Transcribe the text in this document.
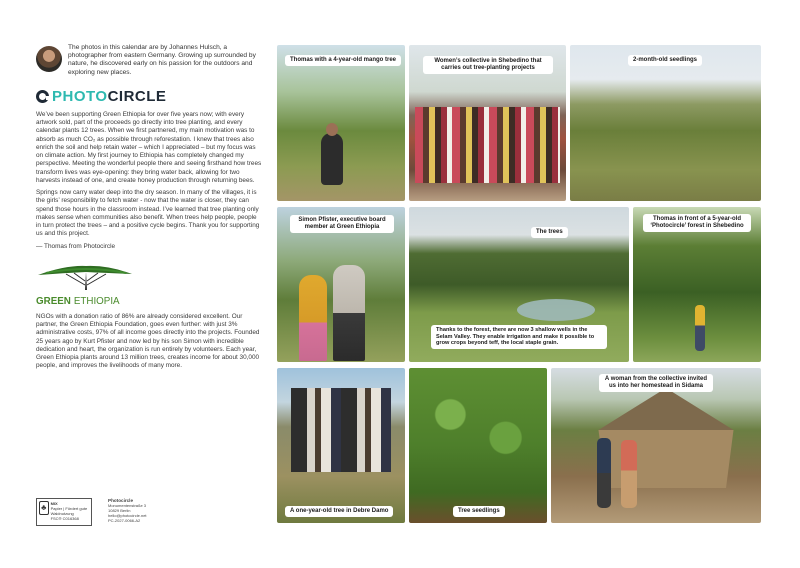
The photos in this calendar are by Johannes Hulsch, a photographer from eastern Germany. Growing up surrounded by nature, he discovered early on his passion for the outdoors and exploring new places.

PHOTO CIRCLE

We’ve been supporting Green Ethiopia for over five years now; with every artwork sold, part of the proceeds go directly into tree planting, and every calendar plants 12 trees. When we first partnered, my main motivation was to absorb as much CO₂ as possible through reforestation. I knew that trees also enrich the soil and help retain water – which I appreciated – but my focus was on climate action. My first journey to Ethiopia has completely changed my perspective. Meeting the wonderful people there and seeing firsthand how trees transform lives was eye-opening: they bring water back, allowing for two harvests instead of one, and create honey production through returning bees.

Springs now carry water deep into the dry season. In many of the villages, it is the girls’ responsibility to fetch water - now that the water is closer, they can spend those hours in the classroom instead. I’ve learned that tree planting only makes sense when communities also benefit. When trees help people, people in turn protect the trees – and a positive cycle begins. Thank you for supporting us and this project.

— Thomas from Photocircle

GREEN ETHIOPIA

NGOs with a donation ratio of 86% are already considered excellent. Our partner, the Green Ethiopia Foundation, goes even further: with just 3% administrative costs, 97% of all income goes directly into the projects. Founded 25 years ago by Kurt Pfister and now led by his son Simon with incredible dedication and heart, the organization is run entirely by volunteers. Each year, Green Ethiopia plants around 13 million trees, creates income for about 30,000 people, and improves the livelihoods of many more.

♣	MIX
Papier | Fördert gute Waldnutzung
FSC® C016368
Photocircle
Monumentenstraße 3
10829 Berlin
hello@photocircle.net
PC-2027-0066-A2
Thomas with a 4-year-old mango tree	Women’s collective in Shebedino that carries out tree-planting projects
2-month-old seedlings
Simon Pfister, executive board member at Green Ethiopia
The trees
Thanks to the forest, there are now 3 shallow wells in the Selam Valley. They enable irrigation and make it possible to grow crops beyond teff, the local staple grain.
Thomas in front of a 5-year-old ‘Photocircle’ forest in Shebedino
A one-year-old tree in Debre Damo	Tree seedlings
A woman from the collective invited us into her homestead in Sidama
